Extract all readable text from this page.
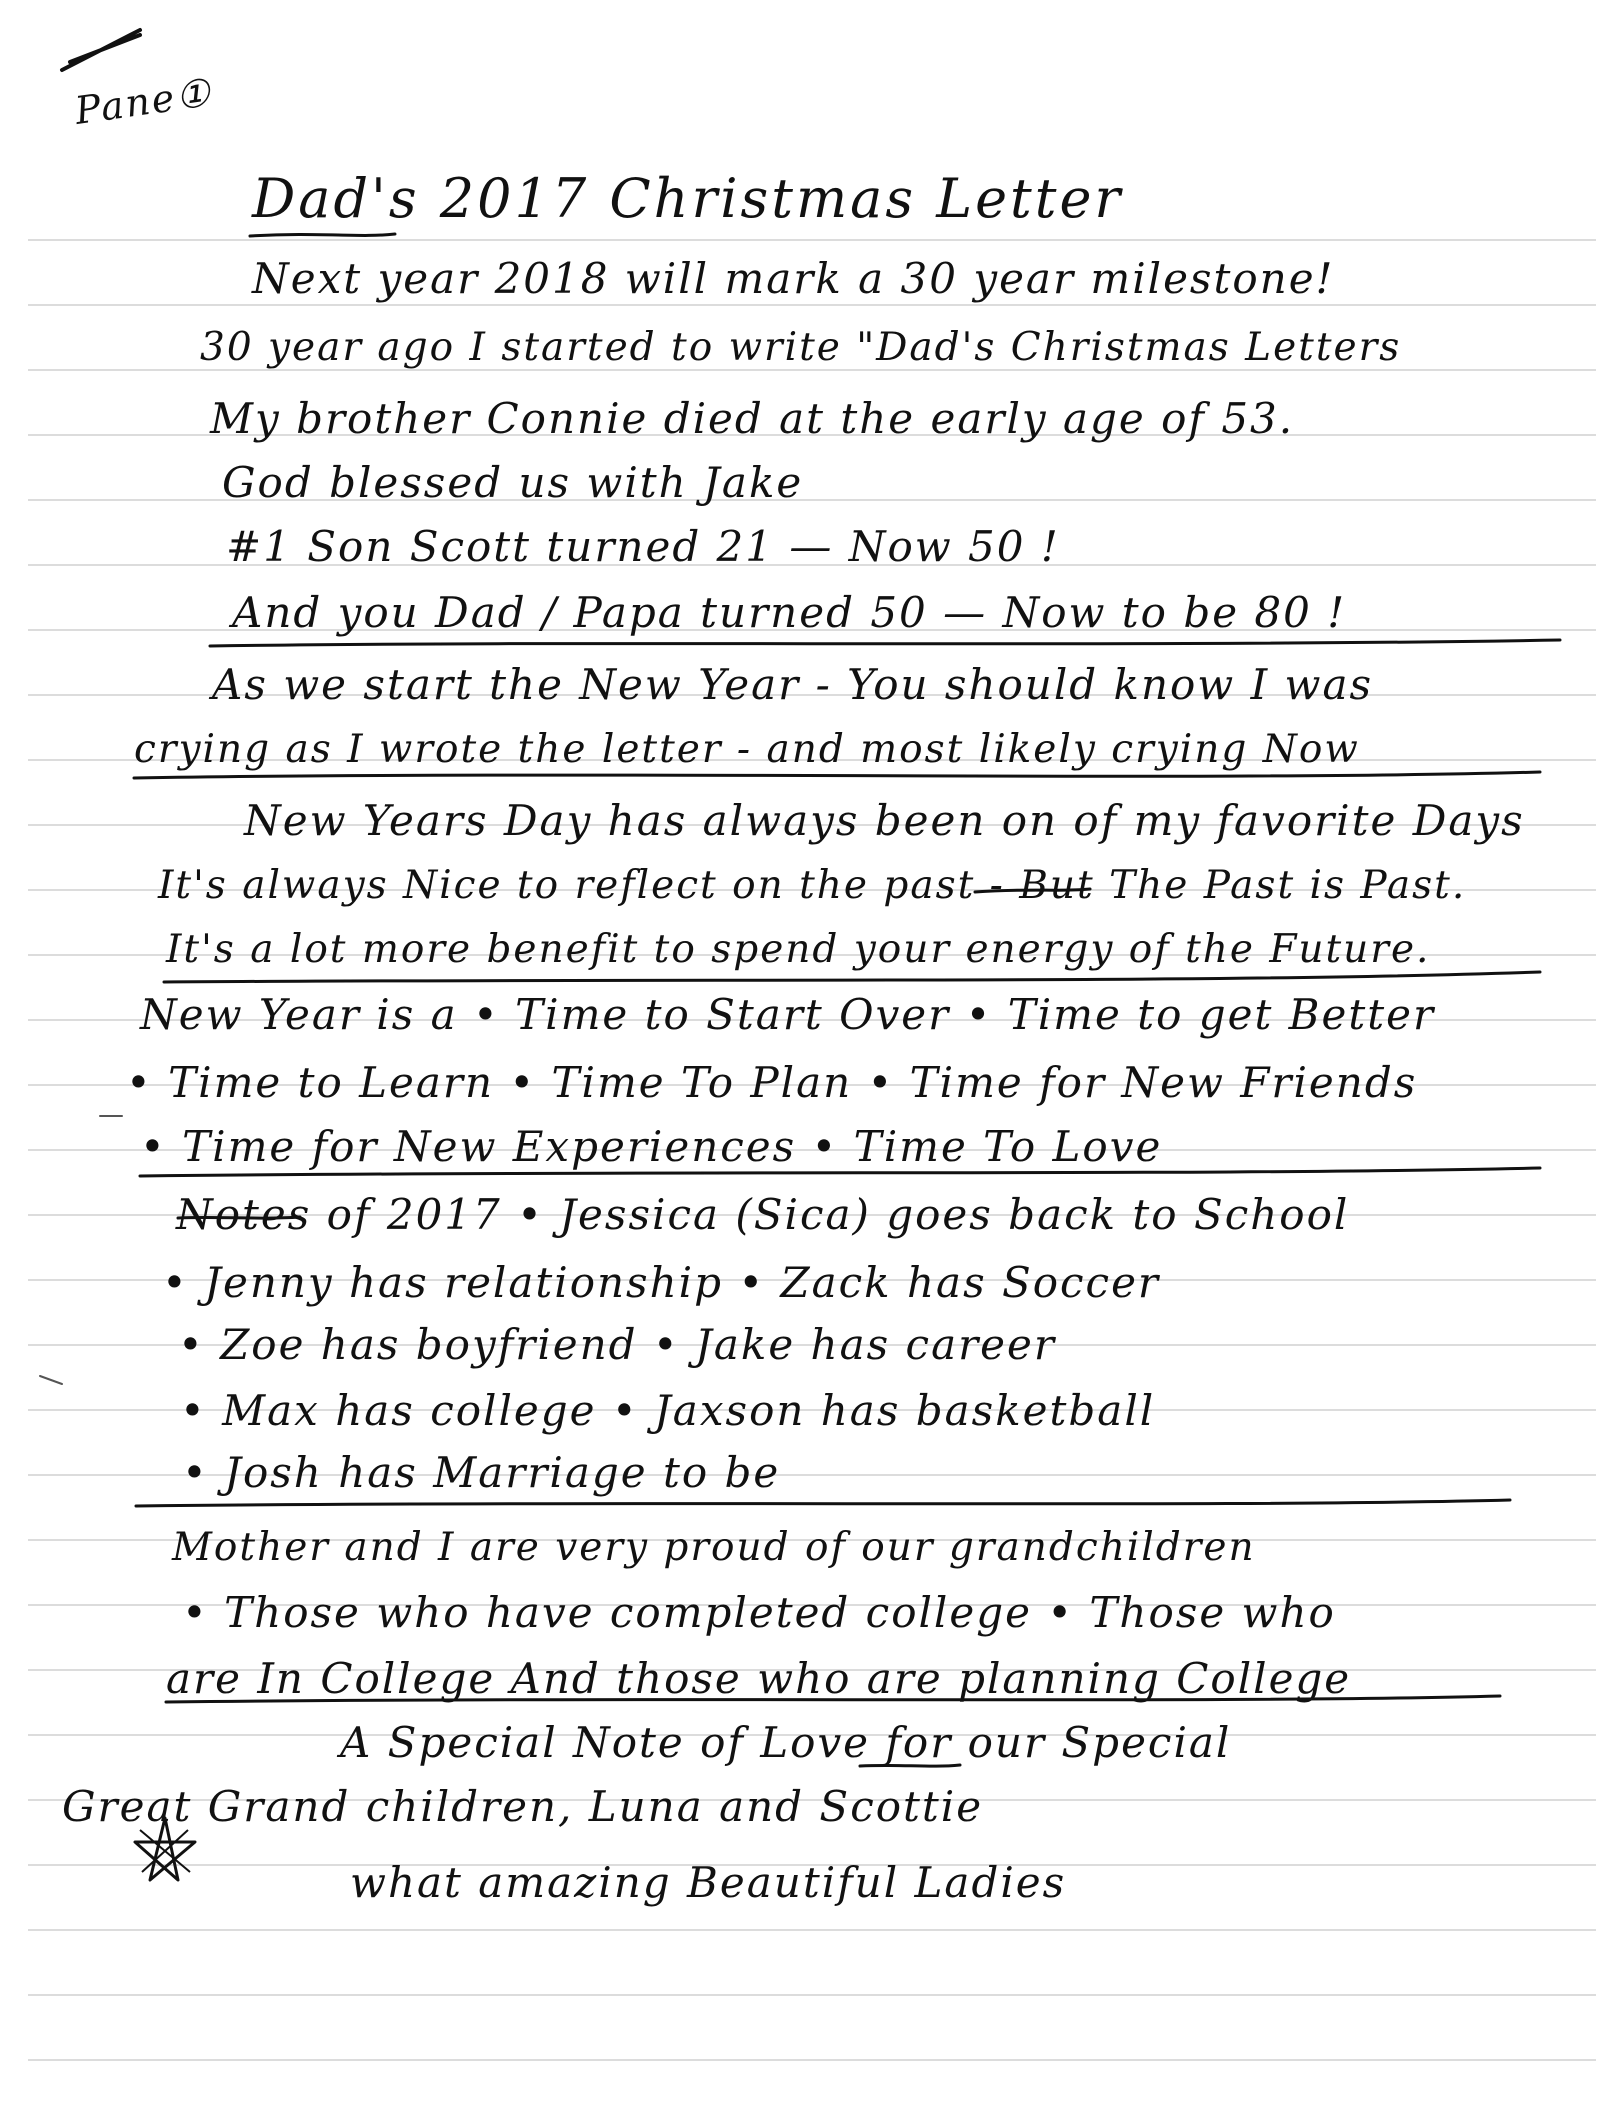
Pane①
Dad's 2017 Christmas Letter
Next year 2018 will mark a 30 year milestone!
30 year ago I started to write "Dad's Christmas Letters
My brother Connie died at the early age of 53.
God blessed us with Jake
#1 Son Scott turned 21 — Now 50 !
And you Dad / Papa turned 50 — Now to be 80 !
As we start the New Year - You should know I was
crying as I wrote the letter - and most likely crying Now
New Years Day has always been on of my favorite Days
It's always Nice to reflect on the past - But The Past is Past.
It's a lot more benefit to spend your energy of the Future.
New Year is a • Time to Start Over • Time to get Better
• Time to Learn • Time To Plan • Time for New Friends
• Time for New Experiences • Time To Love
Notes of 2017 • Jessica (Sica) goes back to School
• Jenny has relationship • Zack has Soccer
• Zoe has boyfriend • Jake has career
• Max has college • Jaxson has basketball
• Josh has Marriage to be
Mother and I are very proud of our grandchildren
• Those who have completed college • Those who
are In College And those who are planning College
A Special Note of Love for our Special
Great Grand children, Luna and Scottie
what amazing Beautiful Ladies
